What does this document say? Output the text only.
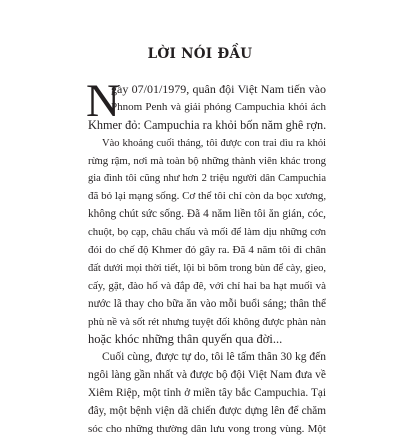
LỜI NÓI ĐẦU
N
gày 07/01/1979, quân đội Việt Nam tiến vào
Phnom Penh và giải phóng Campuchia khỏi ách
Khmer đỏ: Campuchia ra khỏi bốn năm ghê rợn.
Vào khoảng cuối tháng, tôi được con trai dìu ra khỏi
rừng rậm, nơi mà toàn bộ những thành viên khác trong
gia đình tôi cũng như hơn 2 triệu người dân Campuchia
đã bỏ lại mạng sống. Cơ thể tôi chỉ còn da bọc xương,
không chút sức sống. Đã 4 năm liền tôi ăn gián, cóc,
chuột, bọ cạp, châu chấu và mối để làm dịu những cơn
đói do chế độ Khmer đỏ gây ra. Đã 4 năm tôi đi chân
đất dưới mọi thời tiết, lội bì bõm trong bùn để cày, gieo,
cấy, gặt, đào hố và đắp đê, với chỉ hai ba hạt muối và
nước lã thay cho bữa ăn vào mỗi buổi sáng; thân thể
phù nề và sốt rét nhưng tuyệt đối không được phàn nàn
hoặc khóc những thân quyến qua đời...
Cuối cùng, được tự do, tôi lê tấm thân 30 kg đến
ngôi làng gần nhất và được bộ đội Việt Nam đưa về
Xiêm Riệp, một tỉnh ở miền tây bắc Campuchia. Tại
đây, một bệnh viện dã chiến được dựng lên để chăm
sóc cho những thường dân lưu vong trong vùng. Một
